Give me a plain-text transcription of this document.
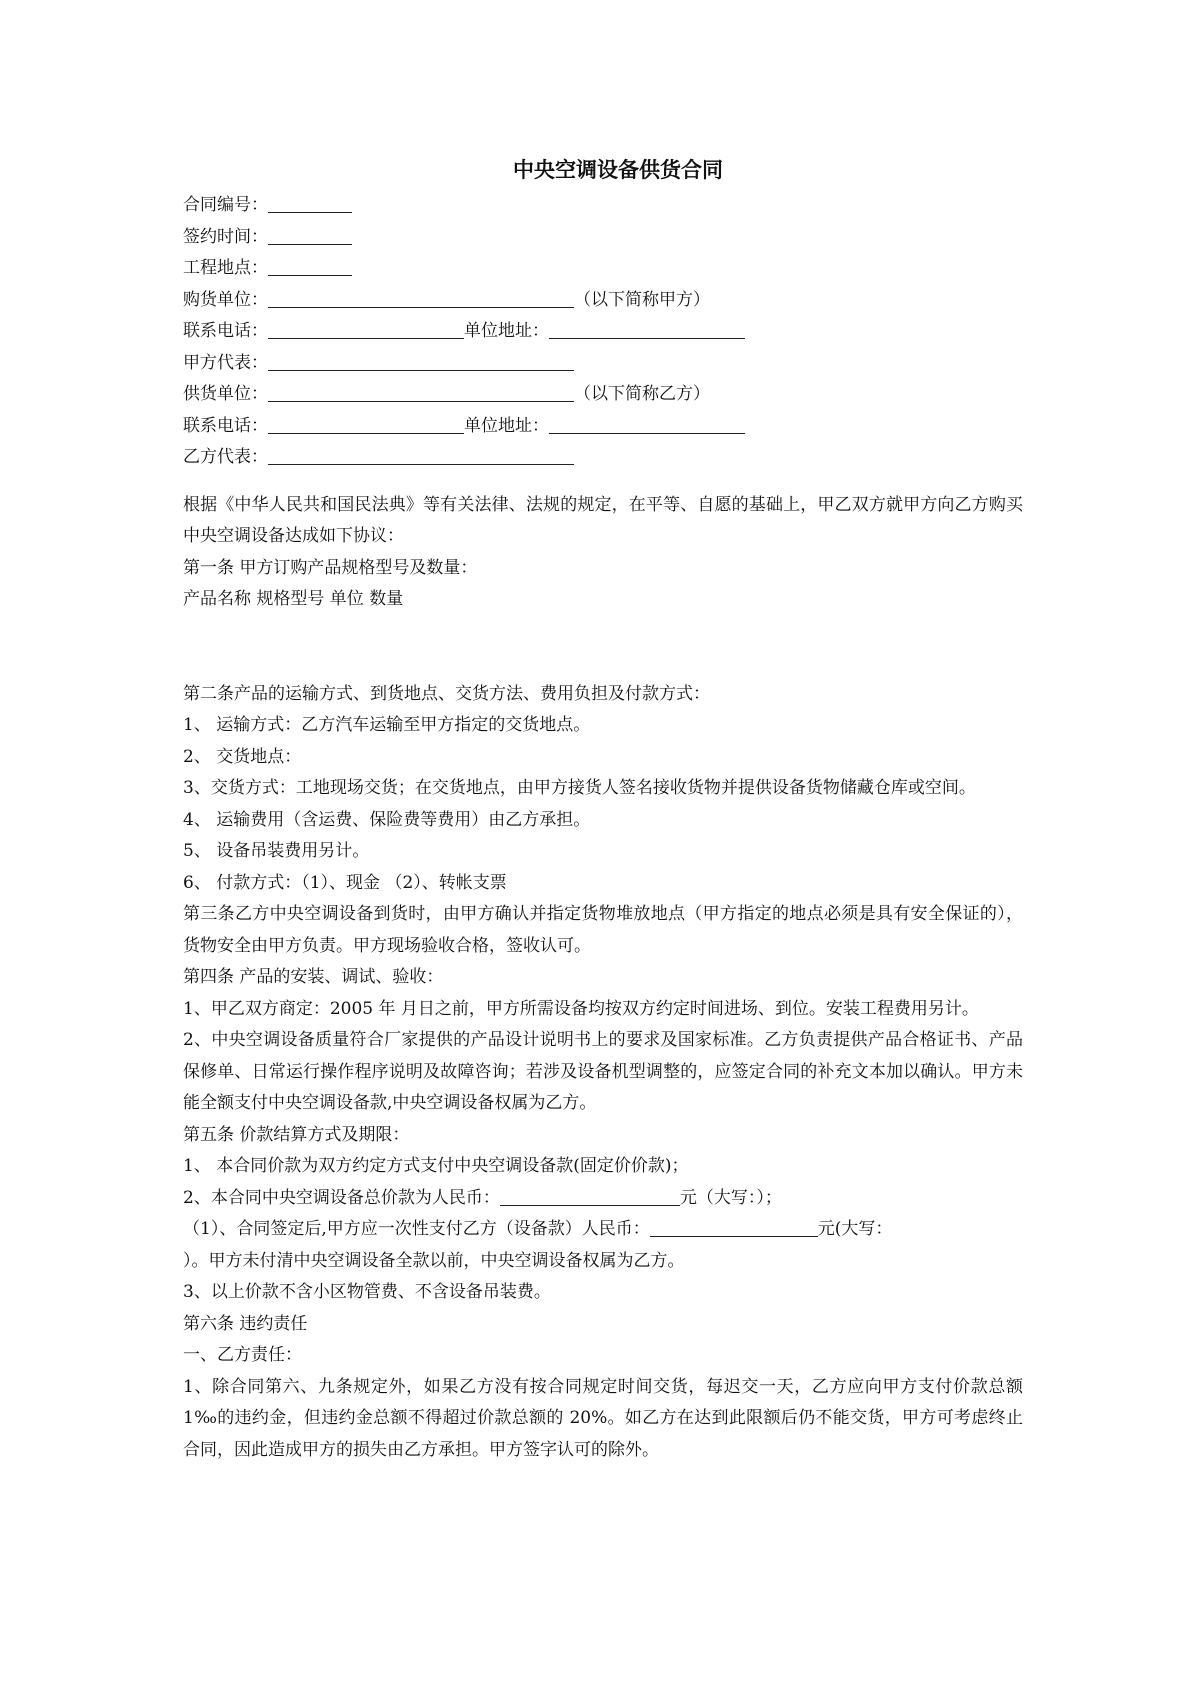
中央空调设备供货合同
合同编号：
签约时间：
工程地点：
购货单位：	（以下简称甲方）
联系电话：	单位地址：
甲方代表：
供货单位：	（以下简称乙方）
联系电话：	单位地址：
乙方代表：
根据《中华人民共和国民法典》等有关法律、法规的规定，在平等、自愿的基础上，甲乙双方就甲方向乙方购买中央空调设备达成如下协议：
第一条 甲方订购产品规格型号及数量：
产品名称 规格型号 单位 数量
第二条产品的运输方式、到货地点、交货方法、费用负担及付款方式：
1、 运输方式：乙方汽车运输至甲方指定的交货地点。
2、 交货地点：
3、交货方式：工地现场交货；在交货地点，由甲方接货人签名接收货物并提供设备货物储藏仓库或空间。
4、 运输费用（含运费、保险费等费用）由乙方承担。
5、 设备吊装费用另计。
6、 付款方式：（1）、现金 （2）、转帐支票
第三条乙方中央空调设备到货时，由甲方确认并指定货物堆放地点（甲方指定的地点必须是具有安全保证的），货物安全由甲方负责。甲方现场验收合格，签收认可。
第四条 产品的安装、调试、验收：
1、甲乙双方商定：2005 年 月日之前，甲方所需设备均按双方约定时间进场、到位。安装工程费用另计。
2、中央空调设备质量符合厂家提供的产品设计说明书上的要求及国家标准。乙方负责提供产品合格证书、产品保修单、日常运行操作程序说明及故障咨询；若涉及设备机型调整的，应签定合同的补充文本加以确认。甲方未能全额支付中央空调设备款,中央空调设备权属为乙方。
第五条 价款结算方式及期限：
1、 本合同价款为双方约定方式支付中央空调设备款(固定价价款)；
2、本合同中央空调设备总价款为人民币：	元（大写：）；
（1）、合同签定后,甲方应一次性支付乙方（设备款）人民币：	元(大写：
）。甲方未付清中央空调设备全款以前，中央空调设备权属为乙方。
3、以上价款不含小区物管费、不含设备吊装费。
第六条 违约责任
一、乙方责任：
1、除合同第六、九条规定外，如果乙方没有按合同规定时间交货，每迟交一天，乙方应向甲方支付价款总额 1‰的违约金，但违约金总额不得超过价款总额的 20%。如乙方在达到此限额后仍不能交货，甲方可考虑终止合同，因此造成甲方的损失由乙方承担。甲方签字认可的除外。
